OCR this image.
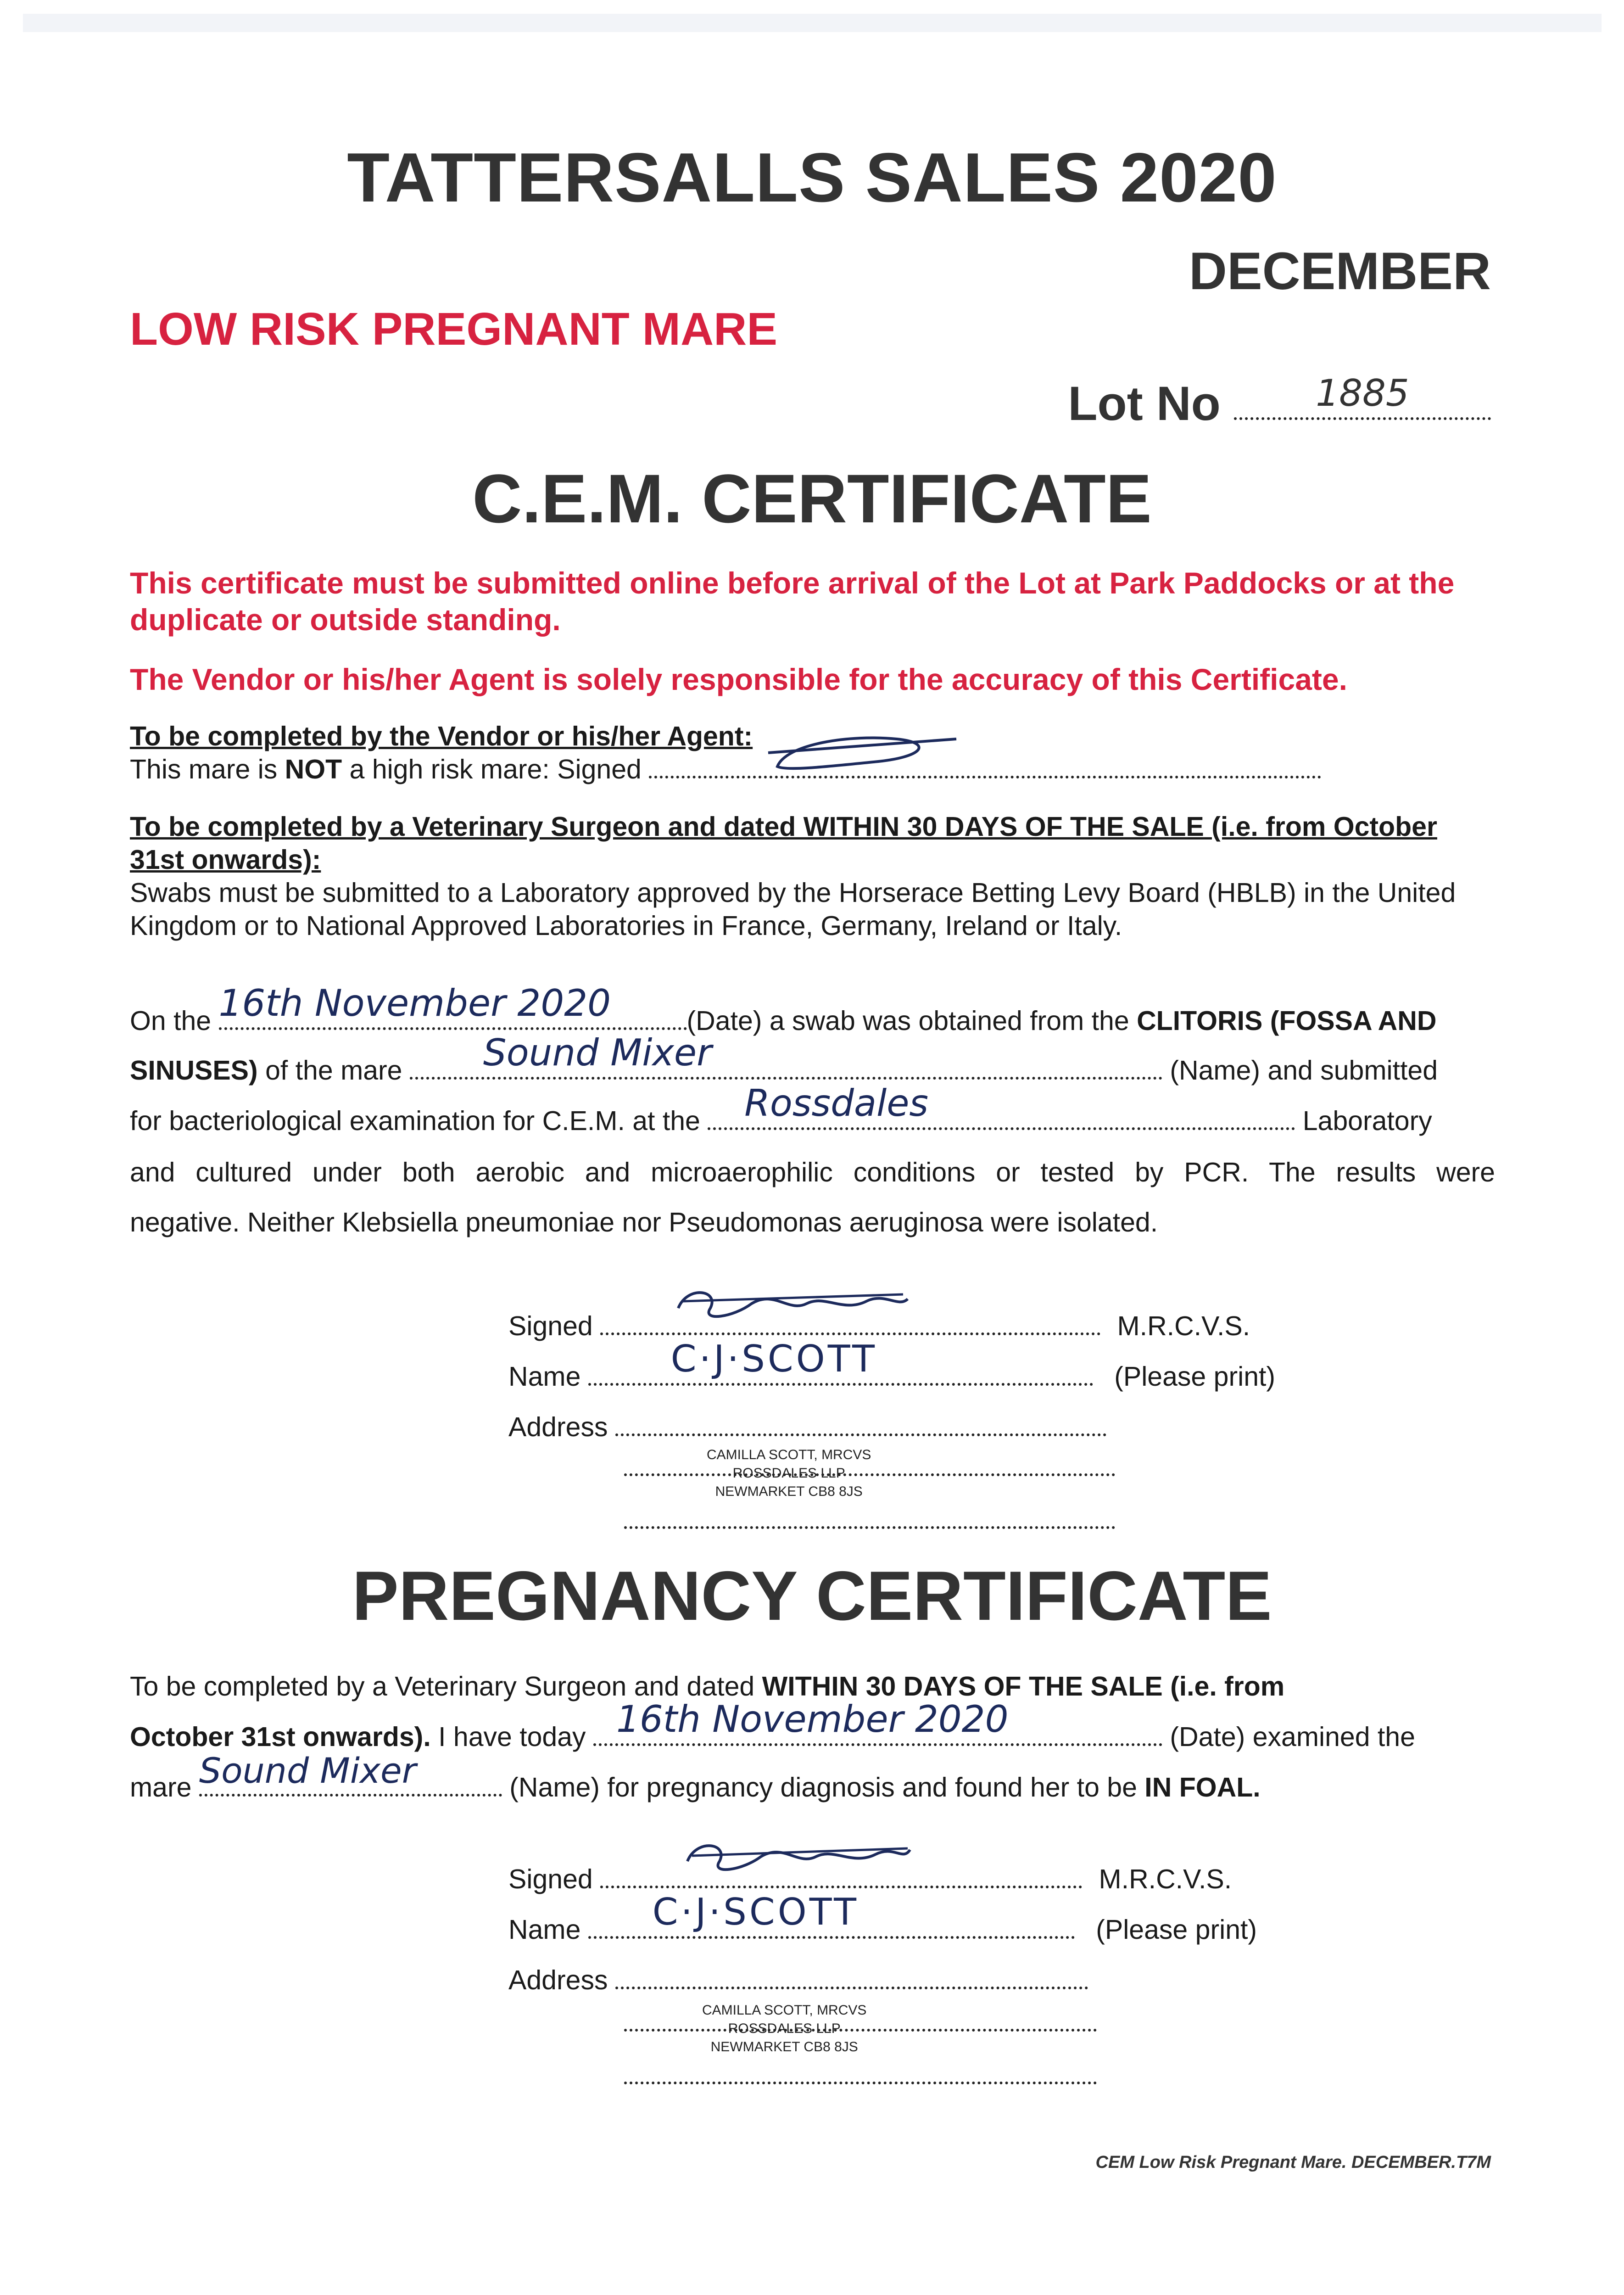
TATTERSALLS SALES 2020
DECEMBER
LOW RISK PREGNANT MARE
Lot No	1885
C.E.M. CERTIFICATE
This certificate must be submitted online before arrival of the Lot at Park Paddocks or at the duplicate or outside standing.
The Vendor or his/her Agent is solely responsible for the accuracy of this Certificate.
To be completed by the Vendor or his/her Agent:
This mare is NOT a high risk mare: Signed
To be completed by a Veterinary Surgeon and dated WITHIN 30 DAYS OF THE SALE (i.e. from October 31st onwards):
Swabs must be submitted to a Laboratory approved by the Horserace Betting Levy Board (HBLB) in the United Kingdom or to National Approved Laboratories in France, Germany, Ireland or Italy.
On the 16th November 2020	(Date) a swab was obtained from the CLITORIS (FOSSA AND
SINUSES) of the mare Sound Mixer	(Name) and submitted
for bacteriological examination for C.E.M. at the Rossdales	Laboratory
and cultured under both aerobic and microaerophilic conditions or tested by PCR. The results were
negative. Neither Klebsiella pneumoniae nor Pseudomonas aeruginosa were isolated.
Signed	M.R.C.V.S.
Name C·J·SCOTT	(Please print)
Address
CAMILLA SCOTT, MRCVS
ROSSDALES LLP
NEWMARKET CB8 8JS
PREGNANCY CERTIFICATE
To be completed by a Veterinary Surgeon and dated WITHIN 30 DAYS OF THE SALE (i.e. from
October 31st onwards). I have today 16th November 2020	(Date) examined the
mare Sound Mixer	(Name) for pregnancy diagnosis and found her to be IN FOAL.
Signed	M.R.C.V.S.
Name C·J·SCOTT	(Please print)
Address
CAMILLA SCOTT, MRCVS
ROSSDALES LLP
NEWMARKET CB8 8JS
CEM Low Risk Pregnant Mare. DECEMBER.T7M
